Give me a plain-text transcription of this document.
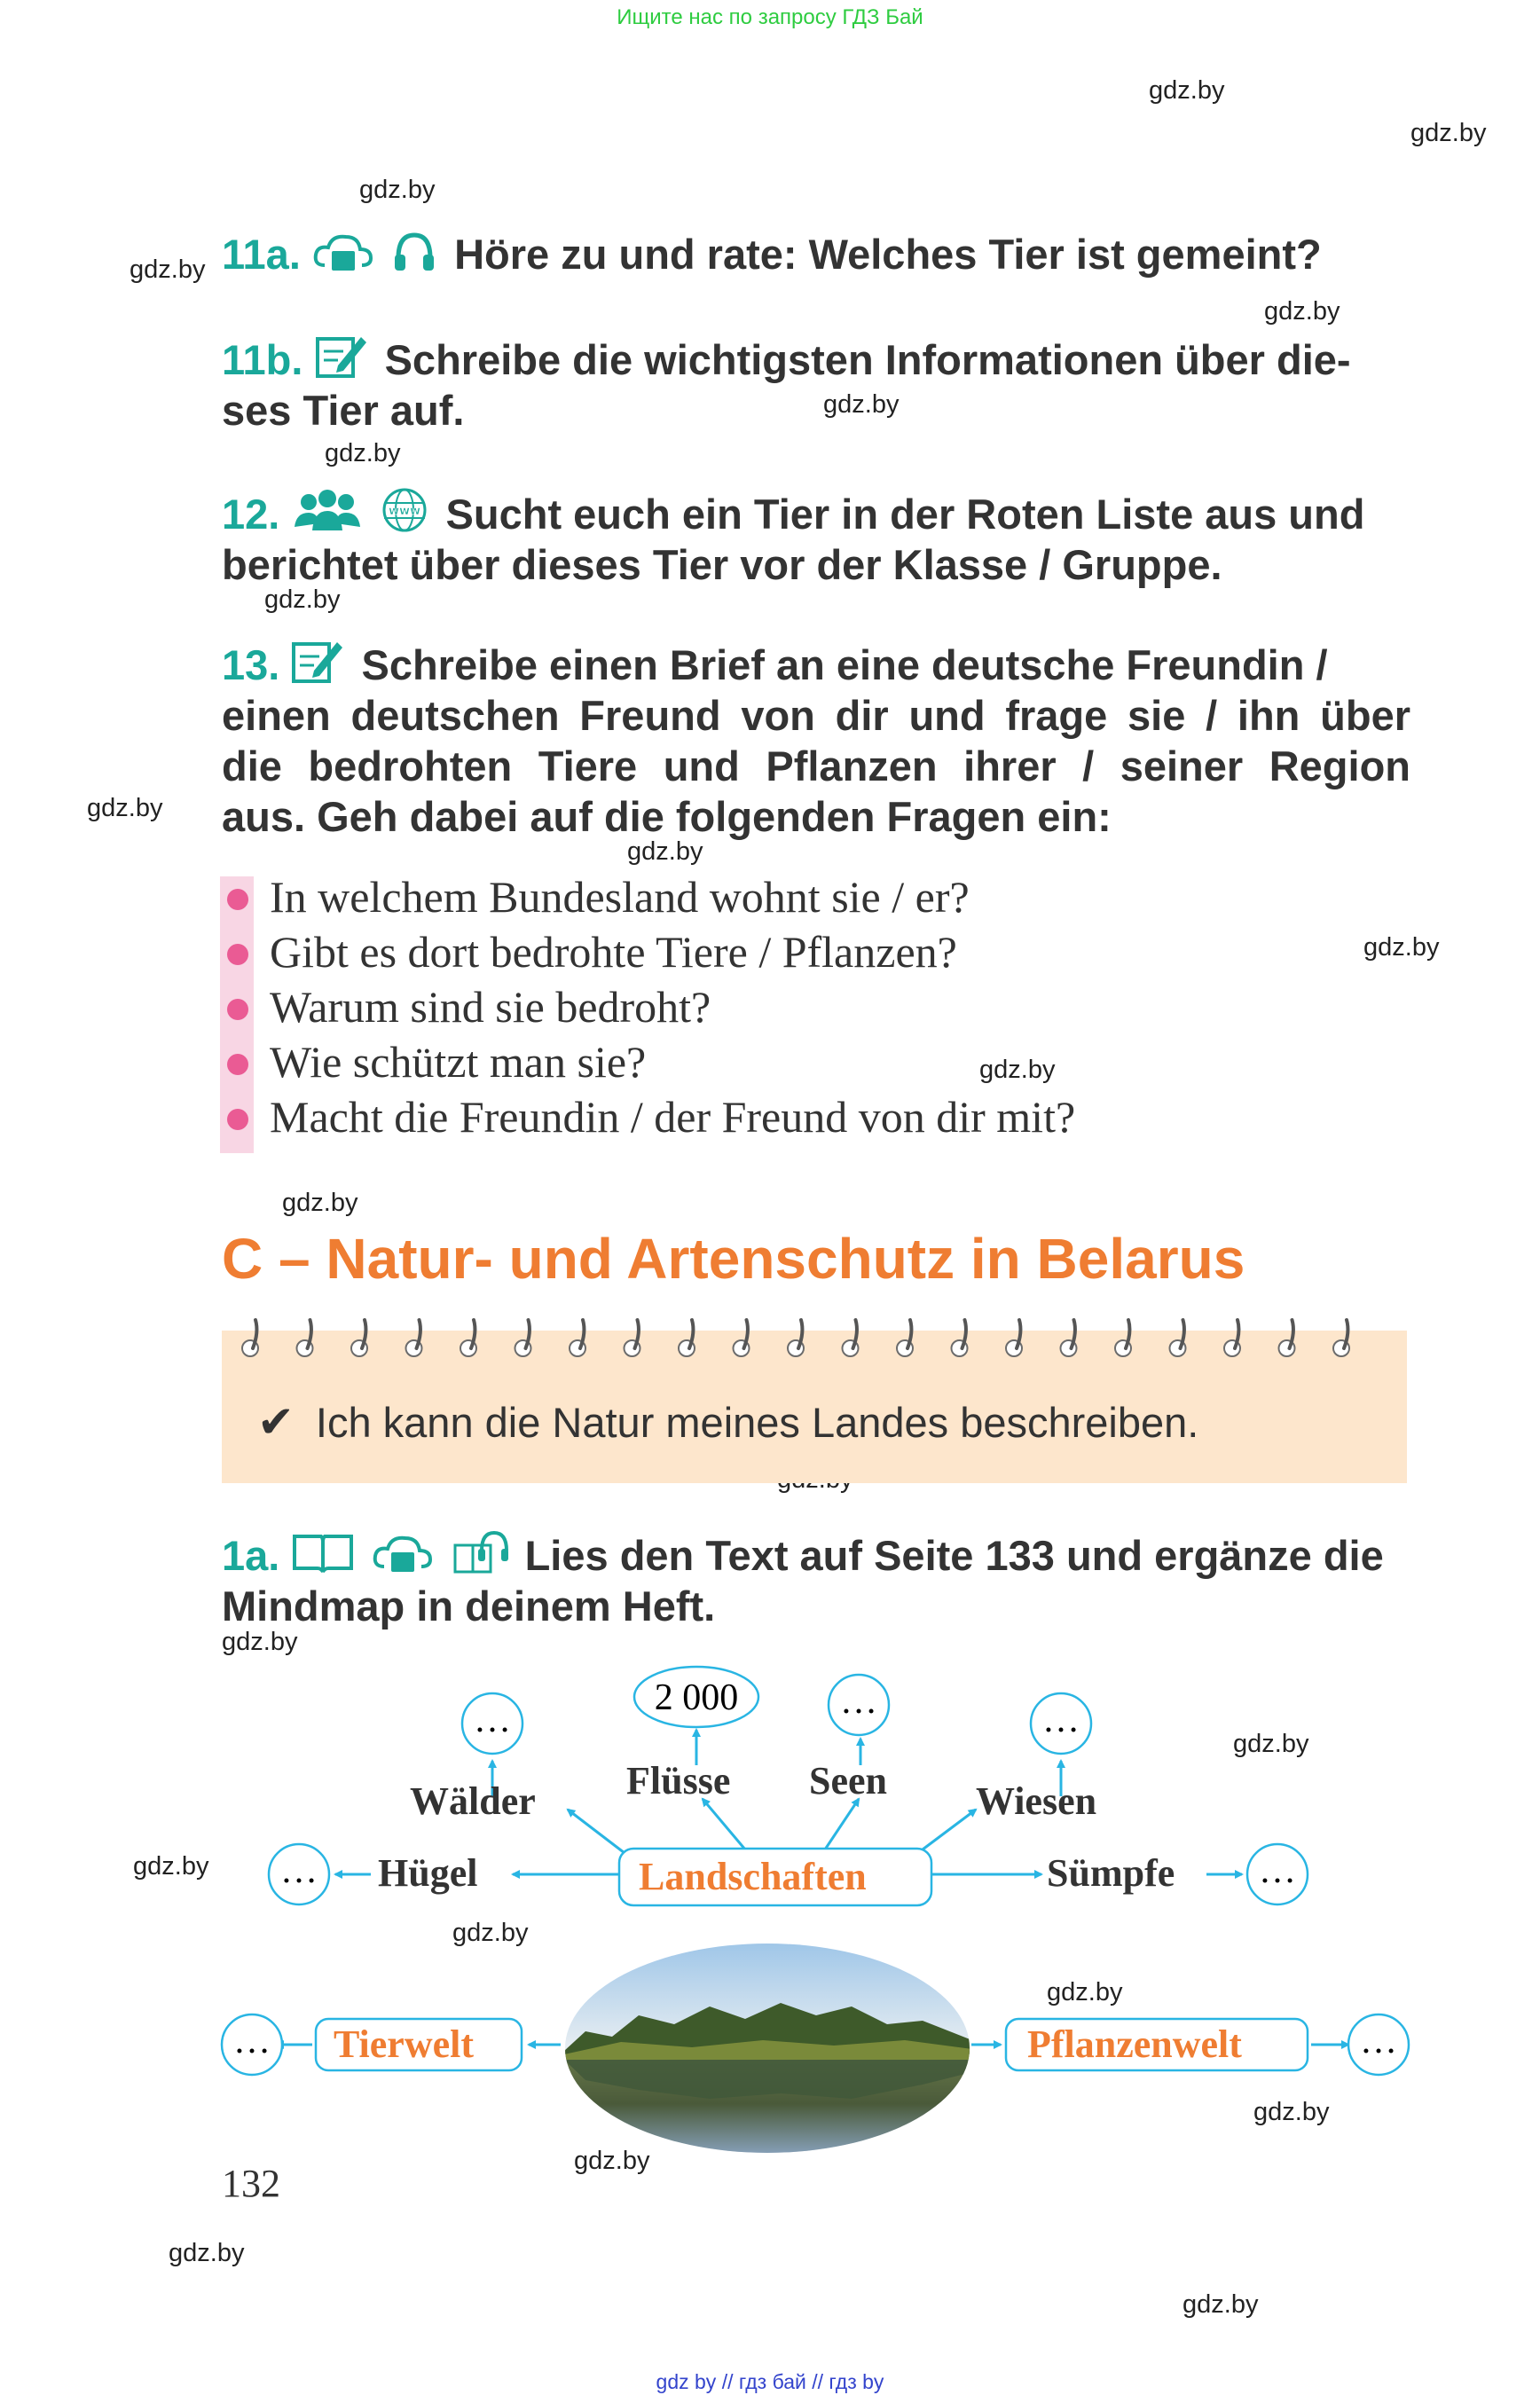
Ищите нас по запросу ГДЗ Бай
gdz.by
gdz.by
gdz.by
gdz.by
gdz.by
gdz.by
gdz.by
gdz.by
gdz.by
gdz.by
gdz.by
gdz.by
gdz.by
gdz.by
gdz.by
gdz.by
gdz.by
gdz.by
gdz.by
gdz.by
gdz.by
gdz.by
11a.	Höre zu und rate: Welches Tier ist gemeint?
11b. Schreibe die wichtigsten Informationen über die-
ses Tier auf.
12.	www Sucht euch ein Tier in der Roten Liste aus und
berichtet über dieses Tier vor der Klasse / Gruppe.
13. Schreibe einen Brief an eine deutsche Freundin /
einen deutschen Freund von dir und frage sie / ihn über
die bedrohten Tiere und Pflanzen ihrer / seiner Region
aus. Geh dabei auf die folgenden Fragen ein:
In welchem Bundesland wohnt sie / er?
Gibt es dort bedrohte Tiere / Pflanzen?
Warum sind sie bedroht?
Wie schützt man sie?
Macht die Freundin / der Freund von dir mit?
C – Natur- und Artenschutz in Belarus
✔ Ich kann die Natur meines Landes beschreiben.
1a.	Lies den Text auf Seite 133 und ergänze die
Mindmap in deinem Heft.
…	…	…
…	…
…	…
2 000
Wälder Flüsse Seen Wiesen
Hügel	Sümpfe
Landschaften
Tierwelt	Pflanzenwelt
132
gdz by // гдз бай // гдз by
